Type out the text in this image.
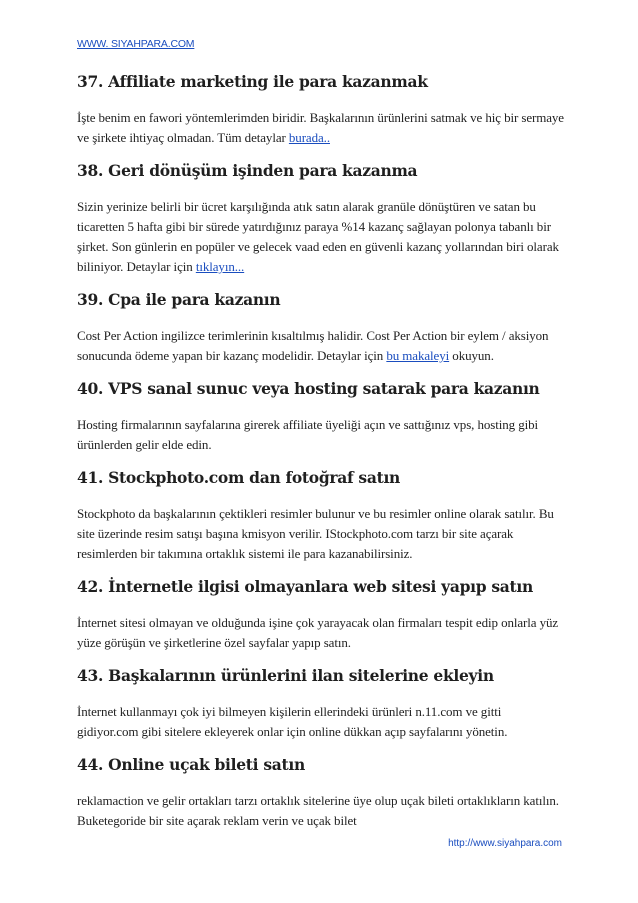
WWW. SIYAHPARA.COM
37. Affiliate marketing ile para kazanmak

İşte benim en fawori yöntemlerimden biridir. Başkalarının ürünlerini satmak ve hiç bir sermaye ve şirkete ihtiyaç olmadan. Tüm detaylar burada..

38. Geri dönüşüm işinden para kazanma

Sizin yerinize belirli bir ücret karşılığında atık satın alarak granüle dönüştüren ve satan bu ticaretten 5 hafta gibi bir sürede yatırdığınız paraya %14 kazanç sağlayan polonya tabanlı bir şirket. Son günlerin en popüler ve gelecek vaad eden en güvenli kazanç yollarından biri olarak biliniyor. Detaylar için tıklayın...

39. Cpa ile para kazanın

Cost Per Action ingilizce terimlerinin kısaltılmış halidir. Cost Per Action bir eylem / aksiyon sonucunda ödeme yapan bir kazanç modelidir. Detaylar için bu makaleyi okuyun.

40. VPS sanal sunuc veya hosting satarak para kazanın

Hosting firmalarının sayfalarına girerek affiliate üyeliği açın ve sattığınız vps, hosting gibi ürünlerden gelir elde edin.

41. Stockphoto.com dan fotoğraf satın

Stockphoto da başkalarının çektikleri resimler bulunur ve bu resimler online olarak satılır. Bu site üzerinde resim satışı başına kmisyon verilir. IStockphoto.com tarzı bir site açarak resimlerden bir takımına ortaklık sistemi ile para kazanabilirsiniz.

42. İnternetle ilgisi olmayanlara web sitesi yapıp satın

İnternet sitesi olmayan ve olduğunda işine çok yarayacak olan firmaları tespit edip onlarla yüz yüze görüşün ve şirketlerine özel sayfalar yapıp satın.

43. Başkalarının ürünlerini ilan sitelerine ekleyin

İnternet kullanmayı çok iyi bilmeyen kişilerin ellerindeki ürünleri n.11.com ve gitti gidiyor.com gibi sitelere ekleyerek onlar için online dükkan açıp sayfalarını yönetin.

44. Online uçak bileti satın

reklamaction ve gelir ortakları tarzı ortaklık sitelerine üye olup uçak bileti ortaklıkların katılın. Buketegoride bir site açarak reklam verin ve uçak bilet

http://www.siyahpara.com
